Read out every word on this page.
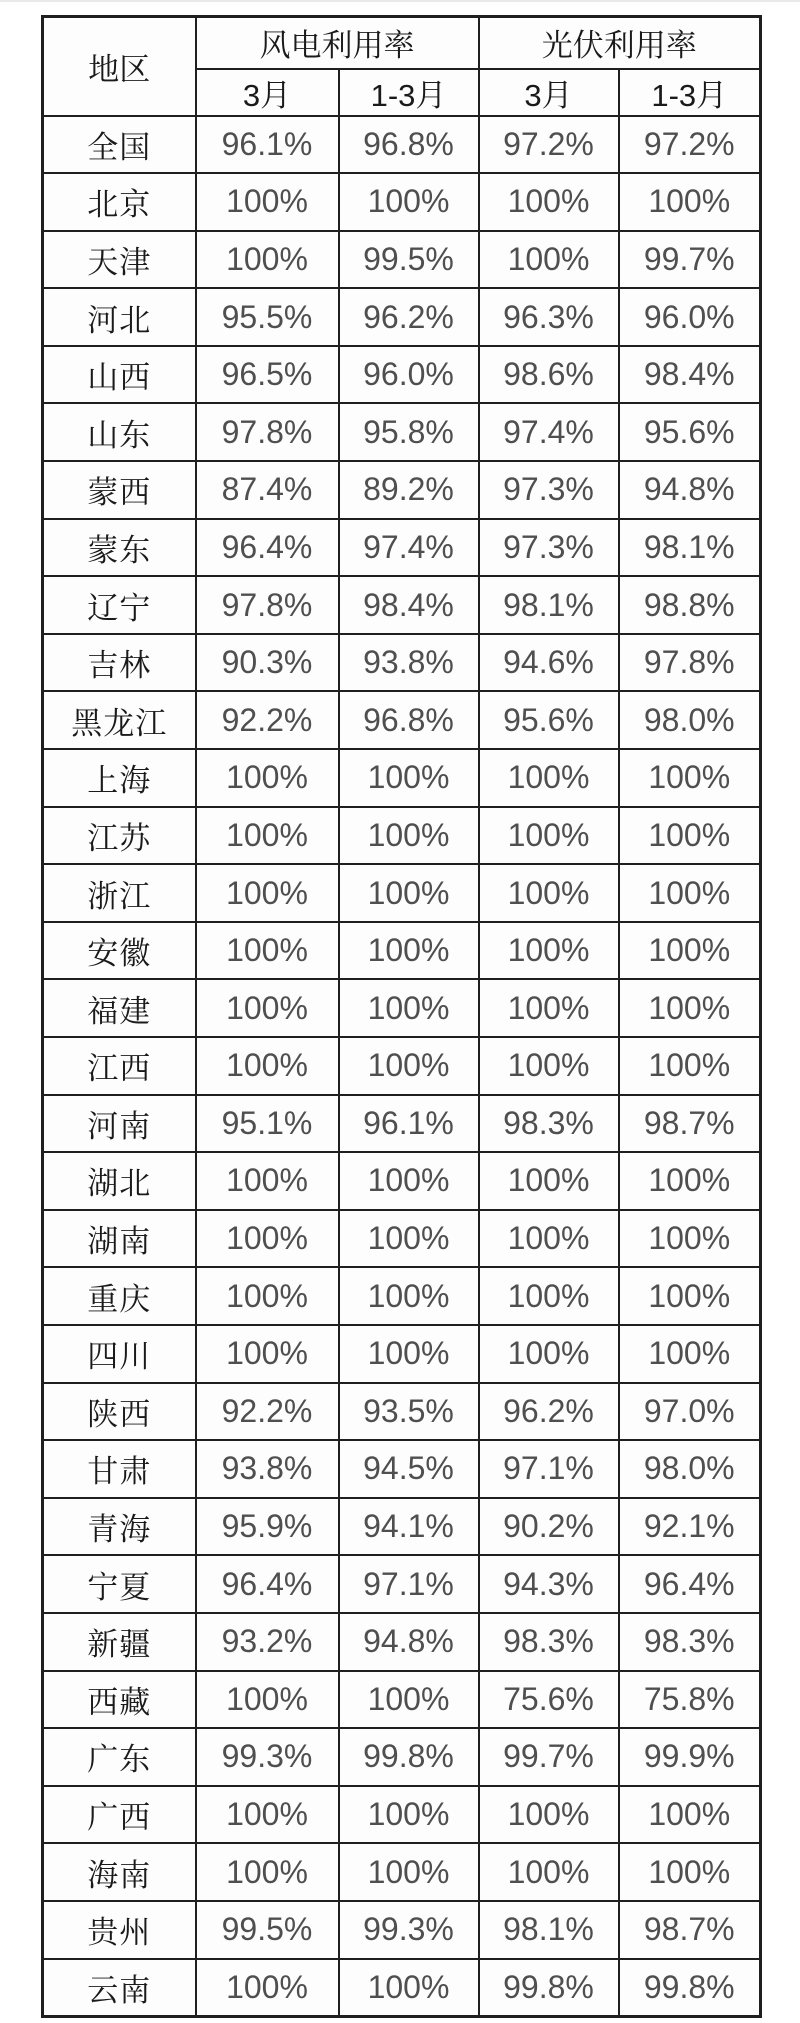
地区	风电利用率		光伏利用率	
	3月	1-3月	3月	1-3月
全国	96.1%	96.8%	97.2%	97.2%
北京	100%	100%	100%	100%
天津	100%	99.5%	100%	99.7%
河北	95.5%	96.2%	96.3%	96.0%
山西	96.5%	96.0%	98.6%	98.4%
山东	97.8%	95.8%	97.4%	95.6%
蒙西	87.4%	89.2%	97.3%	94.8%
蒙东	96.4%	97.4%	97.3%	98.1%
辽宁	97.8%	98.4%	98.1%	98.8%
吉林	90.3%	93.8%	94.6%	97.8%
黑龙江	92.2%	96.8%	95.6%	98.0%
上海	100%	100%	100%	100%
江苏	100%	100%	100%	100%
浙江	100%	100%	100%	100%
安徽	100%	100%	100%	100%
福建	100%	100%	100%	100%
江西	100%	100%	100%	100%
河南	95.1%	96.1%	98.3%	98.7%
湖北	100%	100%	100%	100%
湖南	100%	100%	100%	100%
重庆	100%	100%	100%	100%
四川	100%	100%	100%	100%
陕西	92.2%	93.5%	96.2%	97.0%
甘肃	93.8%	94.5%	97.1%	98.0%
青海	95.9%	94.1%	90.2%	92.1%
宁夏	96.4%	97.1%	94.3%	96.4%
新疆	93.2%	94.8%	98.3%	98.3%
西藏	100%	100%	75.6%	75.8%
广东	99.3%	99.8%	99.7%	99.9%
广西	100%	100%	100%	100%
海南	100%	100%	100%	100%
贵州	99.5%	99.3%	98.1%	98.7%
云南	100%	100%	99.8%	99.8%
